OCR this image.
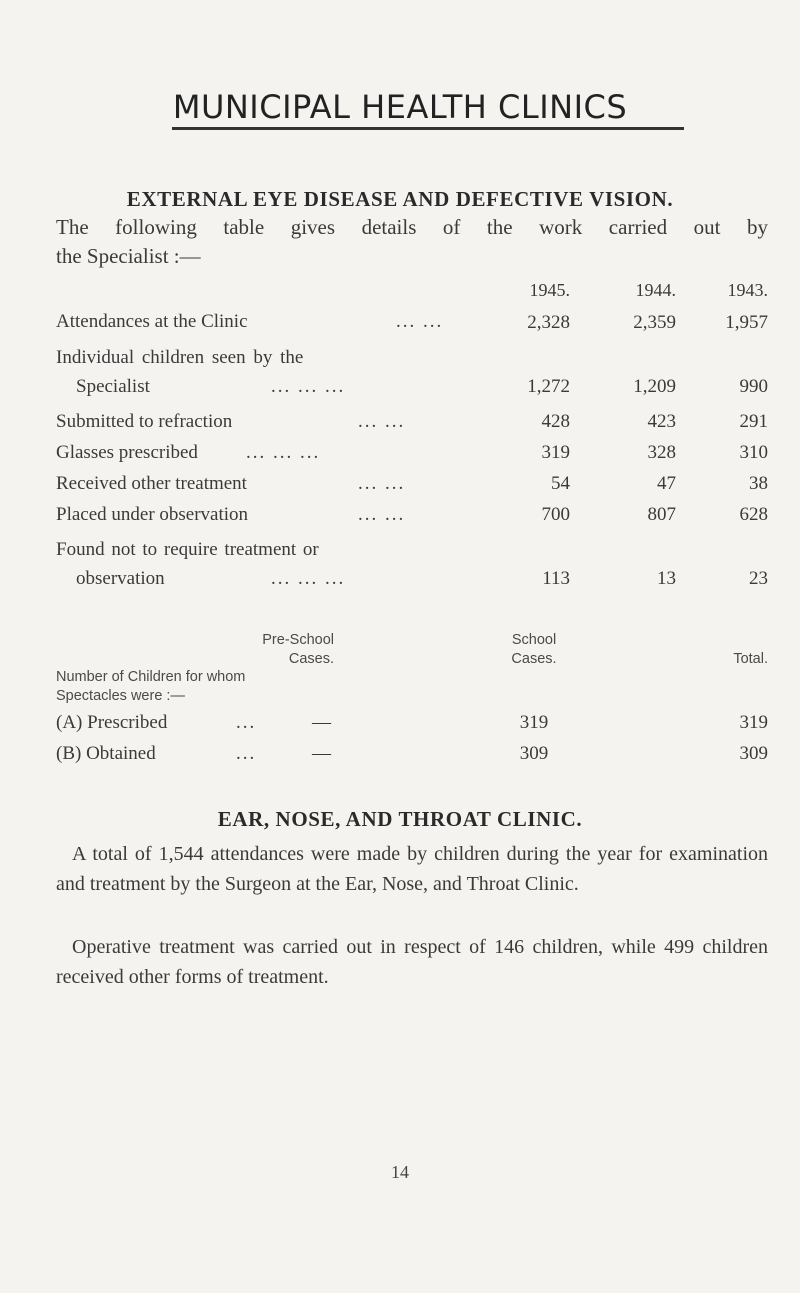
MUNICIPAL HEALTH CLINICS
EXTERNAL EYE DISEASE AND DEFECTIVE VISION.
The following table gives details of the work carried out by
the Specialist :—
1945.	1944.	1943.
Attendances at the Clinic	... ...	2,328	2,359	1,957
Individual children seen by the
Specialist	... ... ...	1,272	1,209	990
Submitted to refraction	... ...	428	423	291
Glasses prescribed	... ... ...	319	328	310
Received other treatment	... ...	54	47	38
Placed under observation	... ...	700	807	628
Found not to require treatment or
observation	... ... ...	113	13	23
Pre-School
Cases.
School
Cases.	Total.
Number of Children for whom
Spectacles were :—
(A) Prescribed	...	—	319	319
(B) Obtained	...	—	309	309
EAR, NOSE, AND THROAT CLINIC.
A total of 1,544 attendances were made by children during the year for examination and treatment by the Surgeon at the Ear, Nose, and Throat Clinic.
Operative treatment was carried out in respect of 146 children, while 499 children received other forms of treatment.
14
